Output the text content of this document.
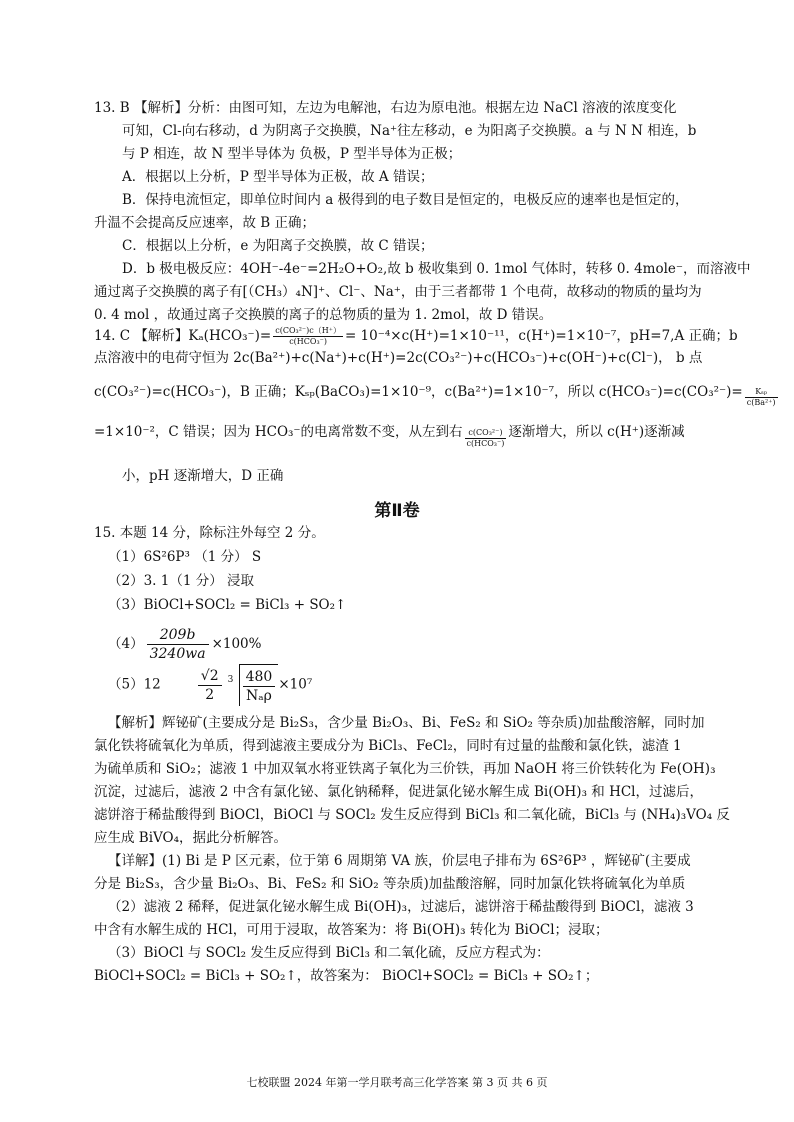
13. B 【解析】分析：由图可知，左边为电解池，右边为原电池。根据左边 NaCl 溶液的浓度变化
可知，Cl-向右移动，d 为阴离子交换膜，Na⁺往左移动，e 为阳离子交换膜。a 与 N N 相连，b
与 P 相连，故 N 型半导体为 负极，P 型半导体为正极；
A．根据以上分析，P 型半导体为正极，故 A 错误；
B．保持电流恒定，即单位时间内 a 极得到的电子数目是恒定的，电极反应的速率也是恒定的，
升温不会提高反应速率，故 B 正确；
C．根据以上分析，e 为阳离子交换膜，故 C 错误；
D．b 极电极反应：4OH⁻-4e⁻=2H₂O+O₂,故 b 极收集到 0. 1mol 气体时，转移 0. 4mole⁻，而溶液中
通过离子交换膜的离子有[（CH₃）₄N]⁺、Cl⁻、Na⁺，由于三者都带 1 个电荷，故移动的物质的量均为
0. 4 mol ，故通过离子交换膜的离子的总物质的量为 1. 2mol，故 D 错误。
14. C 【解析】$K_a(HCO_3^-)= \frac{\text{c(CO₃²⁻)c（H⁺）}}{\text{c(HCO₃⁻)}} = 10^{-4}\times c(H^+)=1\times 10^{-11}$，c(H⁺)=1×10⁻⁷，pH=7,A 正确；b
点溶液中的电荷守恒为 2c(Ba²⁺)+c(Na⁺)+c(H⁺)=2c(CO₃²⁻)+c(HCO₃⁻)+c(OH⁻)+c(Cl⁻)， b 点
c(CO₃²⁻)=c(HCO₃⁻)，B 正确；Kₛₚ(BaCO₃)=1×10⁻⁹，c(Ba²⁺)=1×10⁻⁷，所以 $c(HCO_3^-)=c(CO_3^{2-})= \frac{\text{Kₛₚ}}{\text{c(Ba²⁺)}}$
=1×10⁻²，C 错误；因为 HCO₃⁻的电离常数不变，从左到右 $\frac{\text{c(CO₃²⁻)}}{\text{c(HCO₃⁻)}}$ 逐渐增大，所以 c(H⁺)逐渐减
小，pH 逐渐增大，D 正确
第Ⅱ卷
15. 本题 14 分，除标注外每空 2 分。
（1）6S²6P³ （1 分） S
（2）3. 1（1 分） 浸取
（3）BiOCl+SOCl₂ = BiCl₃ + SO₂↑
$(4) \frac{209b}{3240wa} \times 100\%$
（5）12	$\frac{√2}{2} 3 \frac{480}{\text{Nₐρ}} \times 10^7$
【解析】辉铋矿(主要成分是 Bi₂S₃，含少量 Bi₂O₃、Bi、FeS₂ 和 SiO₂ 等杂质)加盐酸溶解，同时加
氯化铁将硫氧化为单质，得到滤液主要成分为 BiCl₃、FeCl₂，同时有过量的盐酸和氯化铁，滤渣 1
为硫单质和 SiO₂；滤液 1 中加双氧水将亚铁离子氧化为三价铁，再加 NaOH 将三价铁转化为 Fe(OH)₃
沉淀，过滤后，滤液 2 中含有氯化铋、氯化钠稀释，促进氯化铋水解生成 Bi(OH)₃ 和 HCl，过滤后，
滤饼溶于稀盐酸得到 BiOCl，BiOCl 与 SOCl₂ 发生反应得到 BiCl₃ 和二氧化硫，BiCl₃ 与 (NH₄)₃VO₄ 反
应生成 BiVO₄，据此分析解答。
【详解】(1) Bi 是 P 区元素，位于第 6 周期第 VA 族，价层电子排布为 6S²6P³ ，辉铋矿(主要成
分是 Bi₂S₃，含少量 Bi₂O₃、Bi、FeS₂ 和 SiO₂ 等杂质)加盐酸溶解，同时加氯化铁将硫氧化为单质
（2）滤液 2 稀释，促进氯化铋水解生成 Bi(OH)₃，过滤后，滤饼溶于稀盐酸得到 BiOCl，滤液 3
中含有水解生成的 HCl，可用于浸取，故答案为：将 Bi(OH)₃ 转化为 BiOCl；浸取；
（3）BiOCl 与 SOCl₂ 发生反应得到 BiCl₃ 和二氧化硫，反应方程式为：
BiOCl+SOCl₂ = BiCl₃ + SO₂↑，故答案为： BiOCl+SOCl₂ = BiCl₃ + SO₂↑；
七校联盟 2024 年第一学月联考高三化学答案 第 3 页 共 6 页
